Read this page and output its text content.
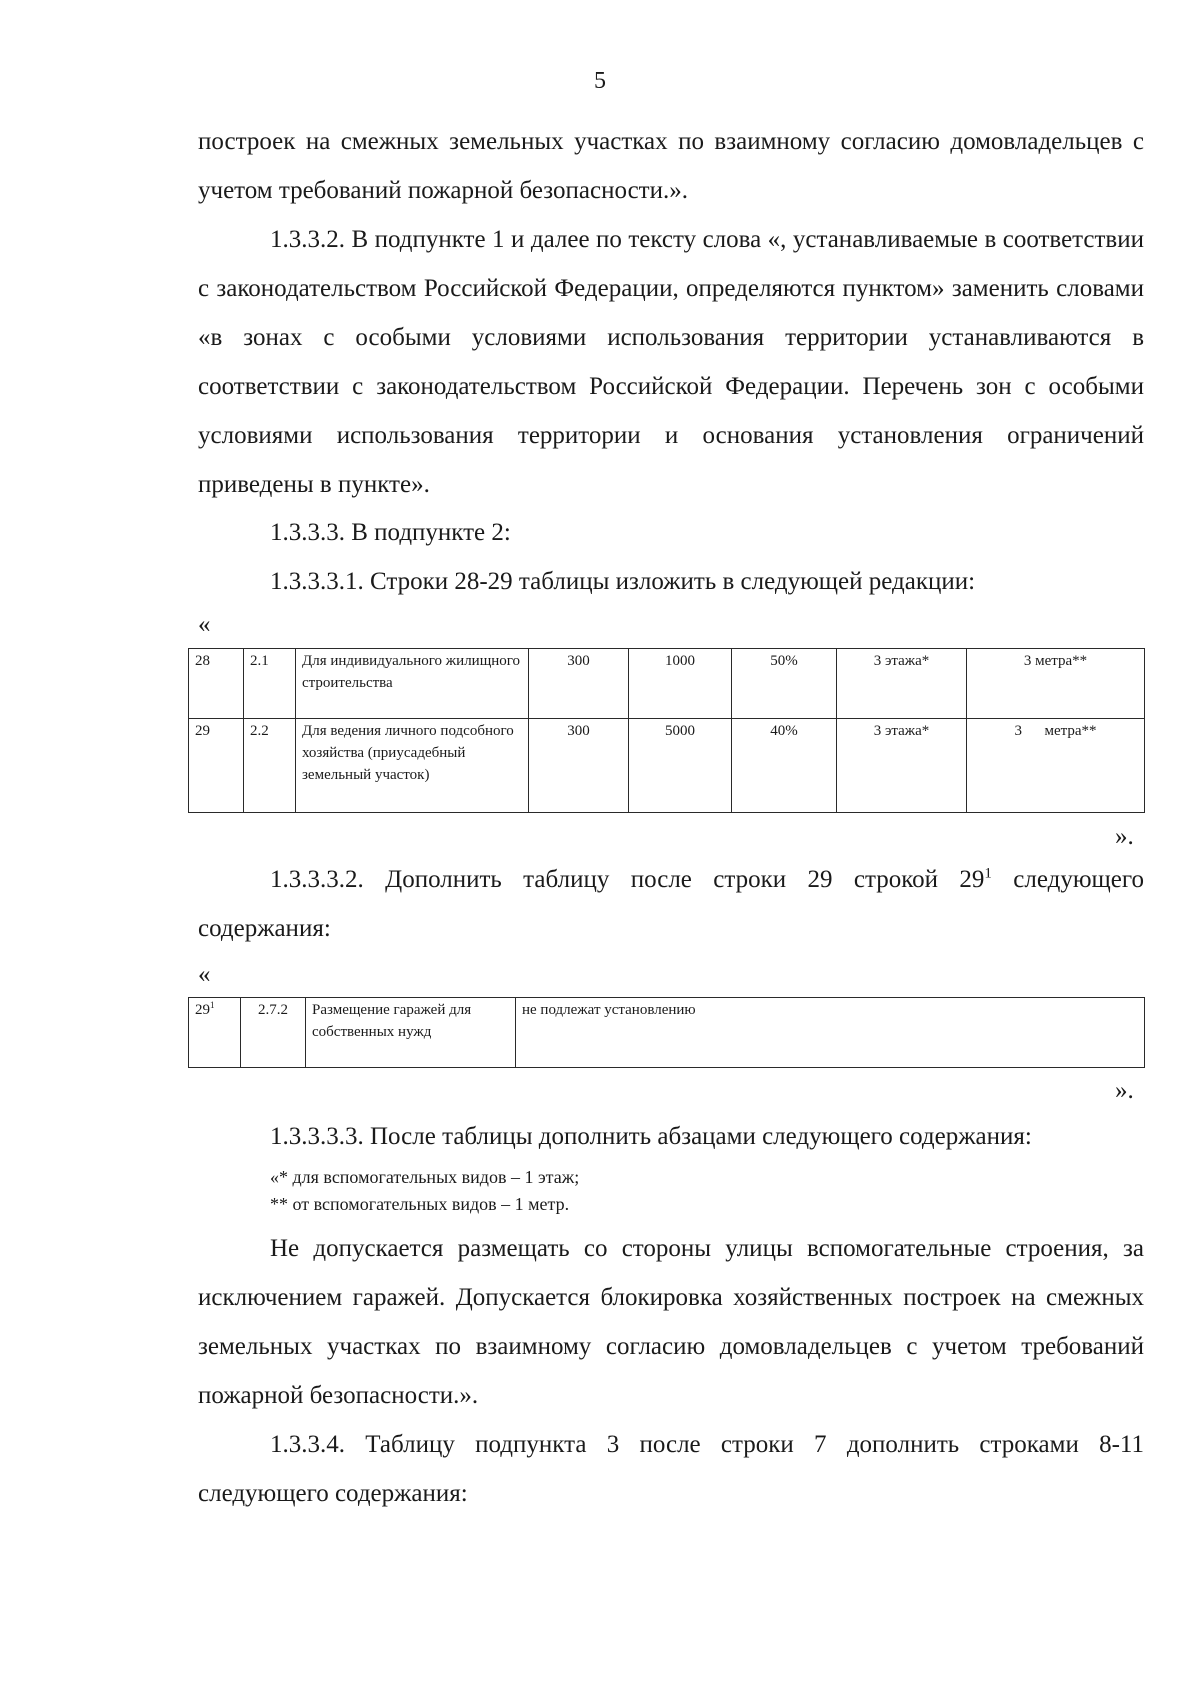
5

построек на смежных земельных участках по взаимному согласию домовладельцев с учетом требований пожарной безопасности.».

1.3.3.2. В подпункте 1 и далее по тексту слова «, устанавливаемые в соответствии с законодательством Российской Федерации, определяются пунктом» заменить словами «в зонах с особыми условиями использования территории устанавливаются в соответствии с законодательством Российской Федерации. Перечень зон с особыми условиями использования территории и основания установления ограничений приведены в пункте».

1.3.3.3. В подпункте 2:

1.3.3.3.1. Строки 28-29 таблицы изложить в следующей редакции:

«
28	2.1	Для индивидуального жилищного строительства	300	1000	50%	3 этажа*	3 метра**
29	2.2	Для ведения личного подсобного хозяйства (приусадебный земельный участок)	300	5000	40%	3 этажа*	3      метра**
».

1.3.3.3.2. Дополнить таблицу после строки 29 строкой $29^1$ следующего содержания:

«
$29^1$	2.7.2	Размещение гаражей для собственных нужд	не подлежат установлению
».

1.3.3.3.3. После таблицы дополнить абзацами следующего содержания:

«* для вспомогательных видов – 1 этаж;
** от вспомогательных видов – 1 метр.

Не допускается размещать со стороны улицы вспомогательные строения, за исключением гаражей. Допускается блокировка хозяйственных построек на смежных земельных участках по взаимному согласию домовладельцев с учетом требований пожарной безопасности.».

1.3.3.4. Таблицу подпункта 3 после строки 7 дополнить строками 8-11 следующего содержания:
